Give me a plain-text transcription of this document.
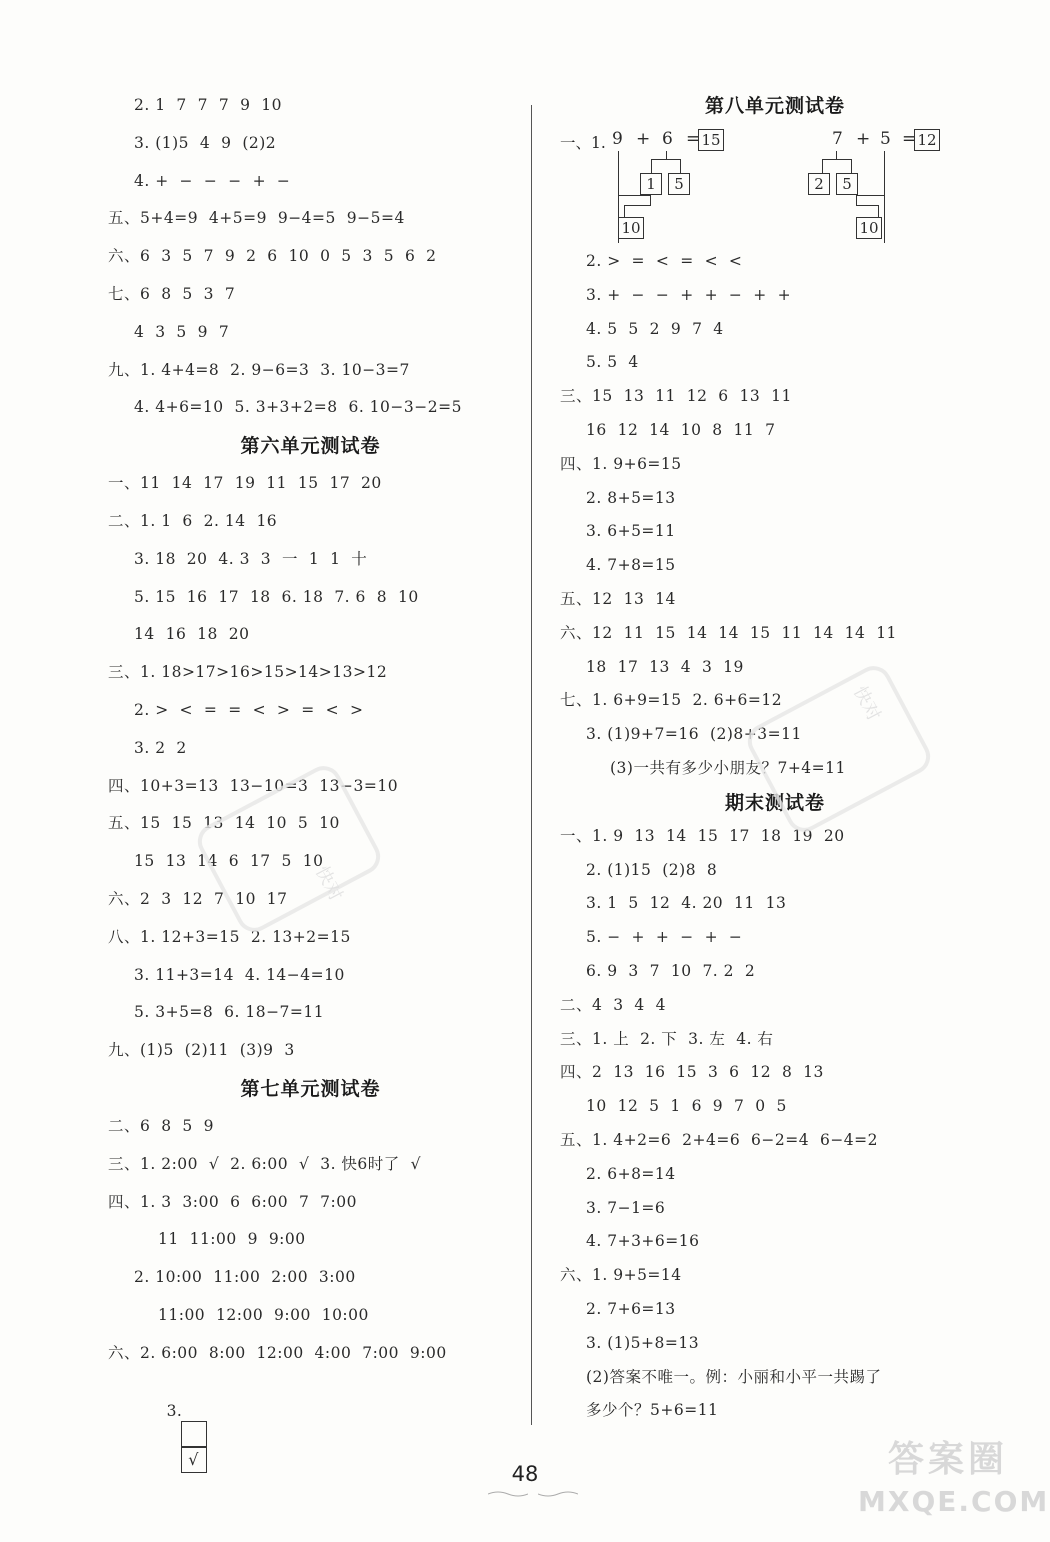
2. 1  7  7  7  9  10
3. (1)5  4  9  (2)2
4. +  −  −  −  +  −
五、5+4=9  4+5=9  9−4=5  9−5=4
六、6  3  5  7  9  2  6  10  0  5  3  5  6  2
七、6  8  5  3  7
4  3  5  9  7
九、1. 4+4=8  2. 9−6=3  3. 10−3=7
4. 4+6=10  5. 3+3+2=8  6. 10−3−2=5
第六单元测试卷
一、11  14  17  19  11  15  17  20
二、1. 1  6  2. 14  16
3. 18  20  4. 3  3  一  1  1  十
5. 15  16  17  18  6. 18  7. 6  8  10
14  16  18  20
三、1. 18>17>16>15>14>13>12
2. >  <  =  =  <  >  =  <  >
3. 2  2
四、10+3=13  13−10=3  13−3=10
五、15  15  13  14  10  5  10
15  13  14  6  17  5  10
六、2  3  12  7  10  17
八、1. 12+3=15  2. 13+2=15
3. 11+3=14  4. 14−4=10
5. 3+5=8  6. 18−7=11
九、(1)5  (2)11  (3)9  3
第七单元测试卷
二、6  8  5  9
三、1. 2:00  √  2. 6:00  √  3. 快6时了  √
四、1. 3  3:00  6  6:00  7  7:00
11  11:00  9  9:00
2. 10:00  11:00  2:00  3:00
11:00  12:00  9:00  10:00
六、2. 6:00  8:00  12:00  4:00  7:00  9:00

3.

√

第八单元测试卷
一、1. 9 + 6 = 15
1	5
10
7 + 5 = 12
2	5
10
2. >  =  <  =  <  <
3. +  −  −  +  +  −  +  +
4. 5  5  2  9  7  4
5. 5  4
三、15  13  11  12  6  13  11
16  12  14  10  8  11  7
四、1. 9+6=15
2. 8+5=13
3. 6+5=11
4. 7+8=15
五、12  13  14
六、12  11  15  14  14  15  11  14  14  11
18  17  13  4  3  19
七、1. 6+9=15  2. 6+6=12
3. (1)9+7=16  (2)8+3=11
(3)一共有多少小朋友？7+4=11
期末测试卷
一、1. 9  13  14  15  17  18  19  20
2. (1)15  (2)8  8
3. 1  5  12  4. 20  11  13
5. −  +  +  −  +  −
6. 9  3  7  10  7. 2  2
二、4  3  4  4
三、1. 上  2. 下  3. 左  4. 右
四、2  13  16  15  3  6  12  8  13
10  12  5  1  6  9  7  0  5
五、1. 4+2=6  2+4=6  6−2=4  6−4=2
2. 6+8=14
3. 7−1=6
4. 7+3+6=16
六、1. 9+5=14
2. 7+6=13
3. (1)5+8=13
(2)答案不唯一。例：小丽和小平一共踢了
多少个？5+6=11
快对
快对
48	答案圈
MXQE.COM
